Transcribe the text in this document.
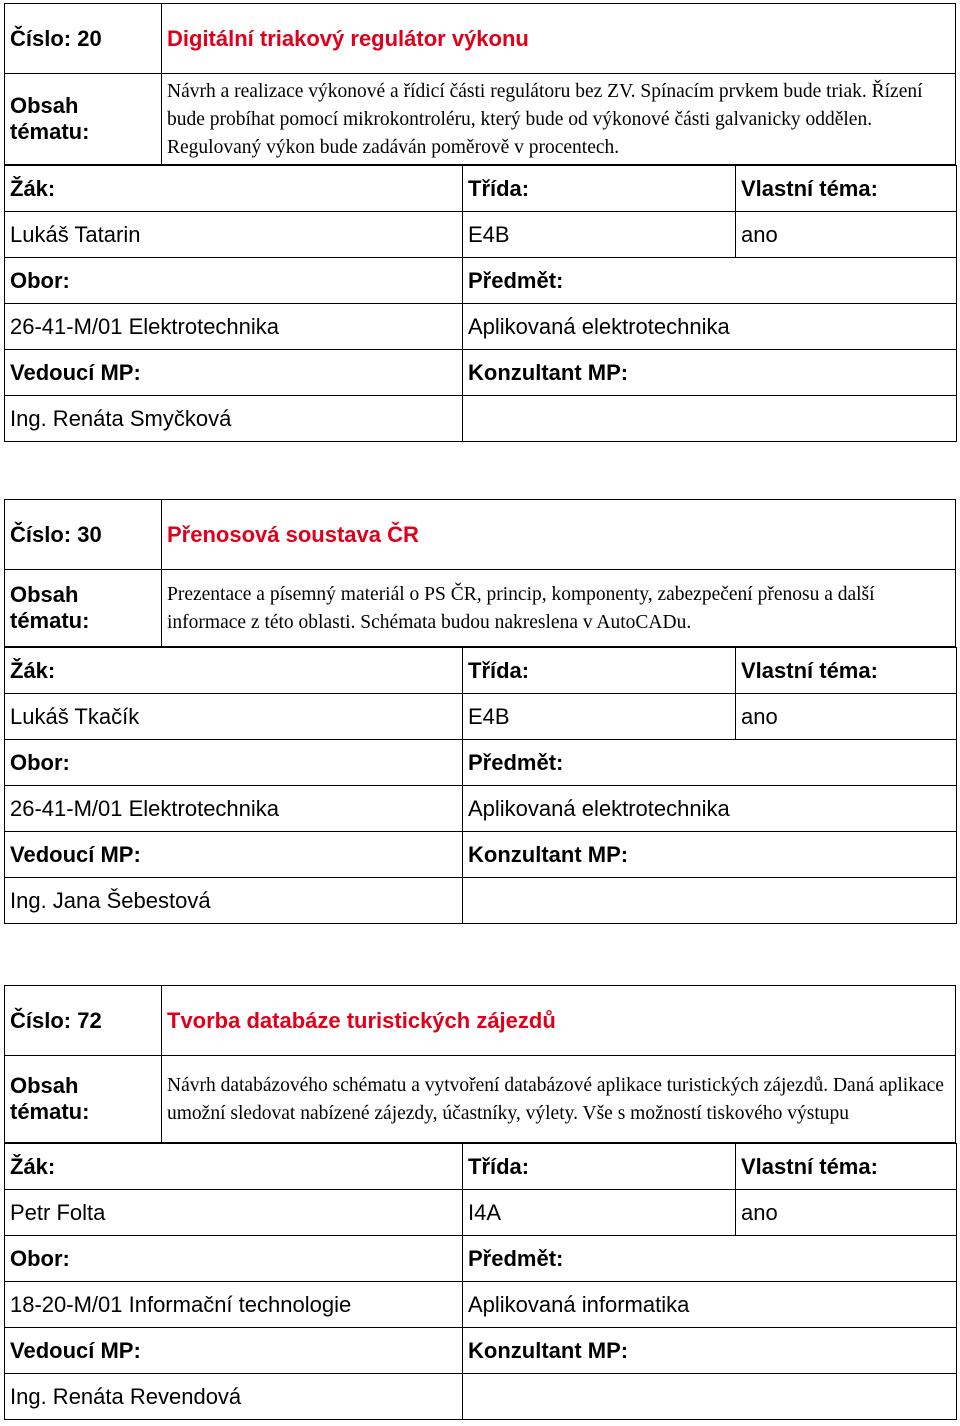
Číslo: 20	Digitální triakový regulátor výkonu
Obsah tématu:	Návrh a realizace výkonové a řídicí části regulátoru bez ZV. Spínacím prvkem bude triak. Řízení bude probíhat pomocí mikrokontroléru, který bude od výkonové části galvanicky oddělen. Regulovaný výkon bude zadáván poměrově v procentech.
Žák:	Třída:	Vlastní téma:
Lukáš Tatarin	E4B	ano
Obor:	Předmět:	
26-41-M/01 Elektrotechnika	Aplikovaná elektrotechnika	
Vedoucí MP:	Konzultant MP:	
Ing. Renáta Smyčková		
Číslo: 30	Přenosová soustava ČR
Obsah tématu:	Prezentace a písemný materiál o PS ČR, princip, komponenty, zabezpečení přenosu a další informace z této oblasti. Schémata budou nakreslena v AutoCADu.
Žák:	Třída:	Vlastní téma:
Lukáš Tkačík	E4B	ano
Obor:	Předmět:	
26-41-M/01 Elektrotechnika	Aplikovaná elektrotechnika	
Vedoucí MP:	Konzultant MP:	
Ing. Jana Šebestová		
Číslo: 72	Tvorba databáze turistických zájezdů
Obsah tématu:	Návrh databázového schématu a vytvoření databázové aplikace turistických zájezdů. Daná aplikace umožní sledovat nabízené zájezdy, účastníky, výlety. Vše s možností tiskového výstupu
Žák:	Třída:	Vlastní téma:
Petr Folta	I4A	ano
Obor:	Předmět:	
18-20-M/01 Informační technologie	Aplikovaná informatika	
Vedoucí MP:	Konzultant MP:	
Ing. Renáta Revendová		
